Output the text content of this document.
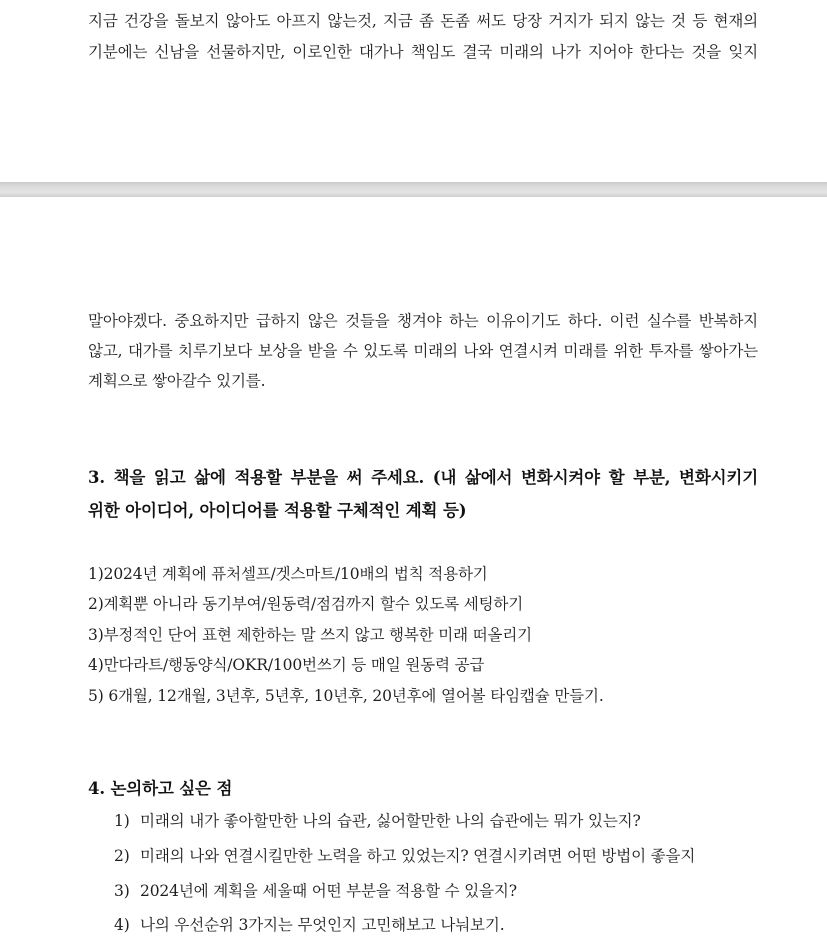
지금 건강을 돌보지 않아도 아프지 않는것, 지금 좀 돈좀 써도 당장 거지가 되지 않는 것 등 현재의
기분에는 신남을 선물하지만, 이로인한 대가나 책임도 결국 미래의 나가 지어야 한다는 것을 잊지
말아야겠다. 중요하지만 급하지 않은 것들을 챙겨야 하는 이유이기도 하다. 이런 실수를 반복하지
않고, 대가를 치루기보다 보상을 받을 수 있도록 미래의 나와 연결시켜 미래를 위한 투자를 쌓아가는
계획으로 쌓아갈수 있기를.
3. 책을 읽고 삶에 적용할 부분을 써 주세요. (내 삶에서 변화시켜야 할 부분, 변화시키기
위한 아이디어, 아이디어를 적용할 구체적인 계획 등)
1)2024년 계획에 퓨처셀프/겟스마트/10배의 법칙 적용하기
2)계획뿐 아니라 동기부여/원동력/점검까지 할수 있도록 세팅하기
3)부정적인 단어 표현 제한하는 말 쓰지 않고 행복한 미래 떠올리기
4)만다라트/행동양식/OKR/100번쓰기 등 매일 원동력 공급
5) 6개월, 12개월, 3년후, 5년후, 10년후, 20년후에 열어볼 타임캡슐 만들기.
4. 논의하고 싶은 점
1) 미래의 내가 좋아할만한 나의 습관, 싫어할만한 나의 습관에는 뭐가 있는지?
2) 미래의 나와 연결시킬만한 노력을 하고 있었는지? 연결시키려면 어떤 방법이 좋을지
3) 2024년에 계획을 세울때 어떤 부분을 적용할 수 있을지?
4) 나의 우선순위 3가지는 무엇인지 고민해보고 나눠보기.
